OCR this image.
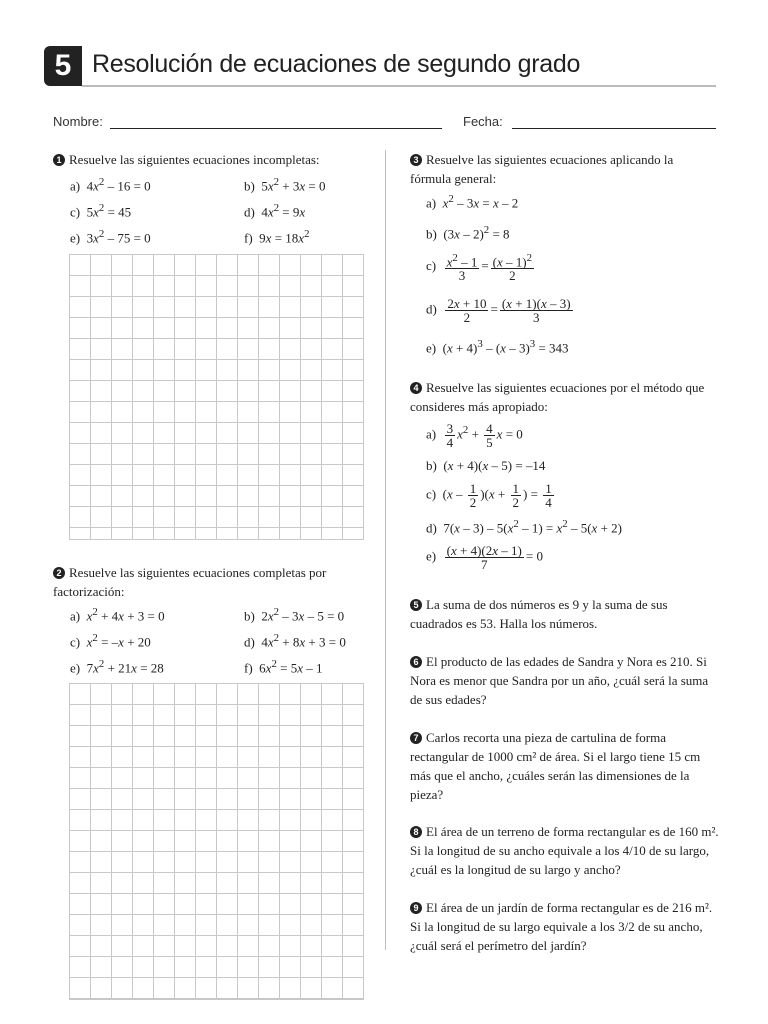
5 Resolución de ecuaciones de segundo grado
Nombre:	Fecha:
1 Resuelve las siguientes ecuaciones incompletas:
a)  $4x^2 - 16 = 0$	b)  $5x^2 + 3x = 0$
c)  $5x^2 = 45$	d)  $4x^2 = 9x$
e)  $3x^2 - 75 = 0$	f)  $9x = 18x^2$
2 Resuelve las siguientes ecuaciones completas por factorización:
a)  $x^2 + 4x + 3 = 0$	b)  $2x^2 - 3x - 5 = 0$
c)  $x^2 = -x + 20$	d)  $4x^2 + 8x + 3 = 0$
e)  $7x^2 + 21x = 28$	f)  $6x^2 = 5x - 1$
3 Resuelve las siguientes ecuaciones aplicando la fórmula general:
a)  $x^2 - 3x = x - 2$
b)  (3x – 2)$^2$ = 8
$c) \frac{x^2 - 1}{3} = \frac{(x - 1)^2}{2}$
$d) \frac{2x + 10}{2} = \frac{(x + 1)(x - 3)}{3}$
e)  $(x + 4)^3 - (x - 3)^3 = 343$
4 Resuelve las siguientes ecuaciones por el método que consideres más apropiado:
$a) \frac{3}{4} x^2 + \frac{4}{5}$ x = 0
b)  (x + 4)(x – 5) = –14
c)  $(x - \frac{1}{2} )(x + \frac{1}{2}$ ) = $\frac{1}{4}$
d)  $7(x - 3) - 5(x^2 - 1) = x^2 - 5(x + 2)$
$e) \frac{(x + 4)(2x - 1)}{7} = 0$
5 La suma de dos números es 9 y la suma de sus cuadrados es 53. Halla los números.
6 El producto de las edades de Sandra y Nora es 210. Si Nora es menor que Sandra por un año, ¿cuál será la suma de sus edades?
7 Carlos recorta una pieza de cartulina de forma rectangular de 1000 cm² de área. Si el largo tiene 15 cm más que el ancho, ¿cuáles serán las dimensiones de la pieza?
8 El área de un terreno de forma rectangular es de 160 m². Si la longitud de su ancho equivale a los 4/10 de su largo, ¿cuál es la longitud de su largo y ancho?
9 El área de un jardín de forma rectangular es de 216 m². Si la longitud de su largo equivale a los 3/2 de su ancho, ¿cuál será el perímetro del jardín?
